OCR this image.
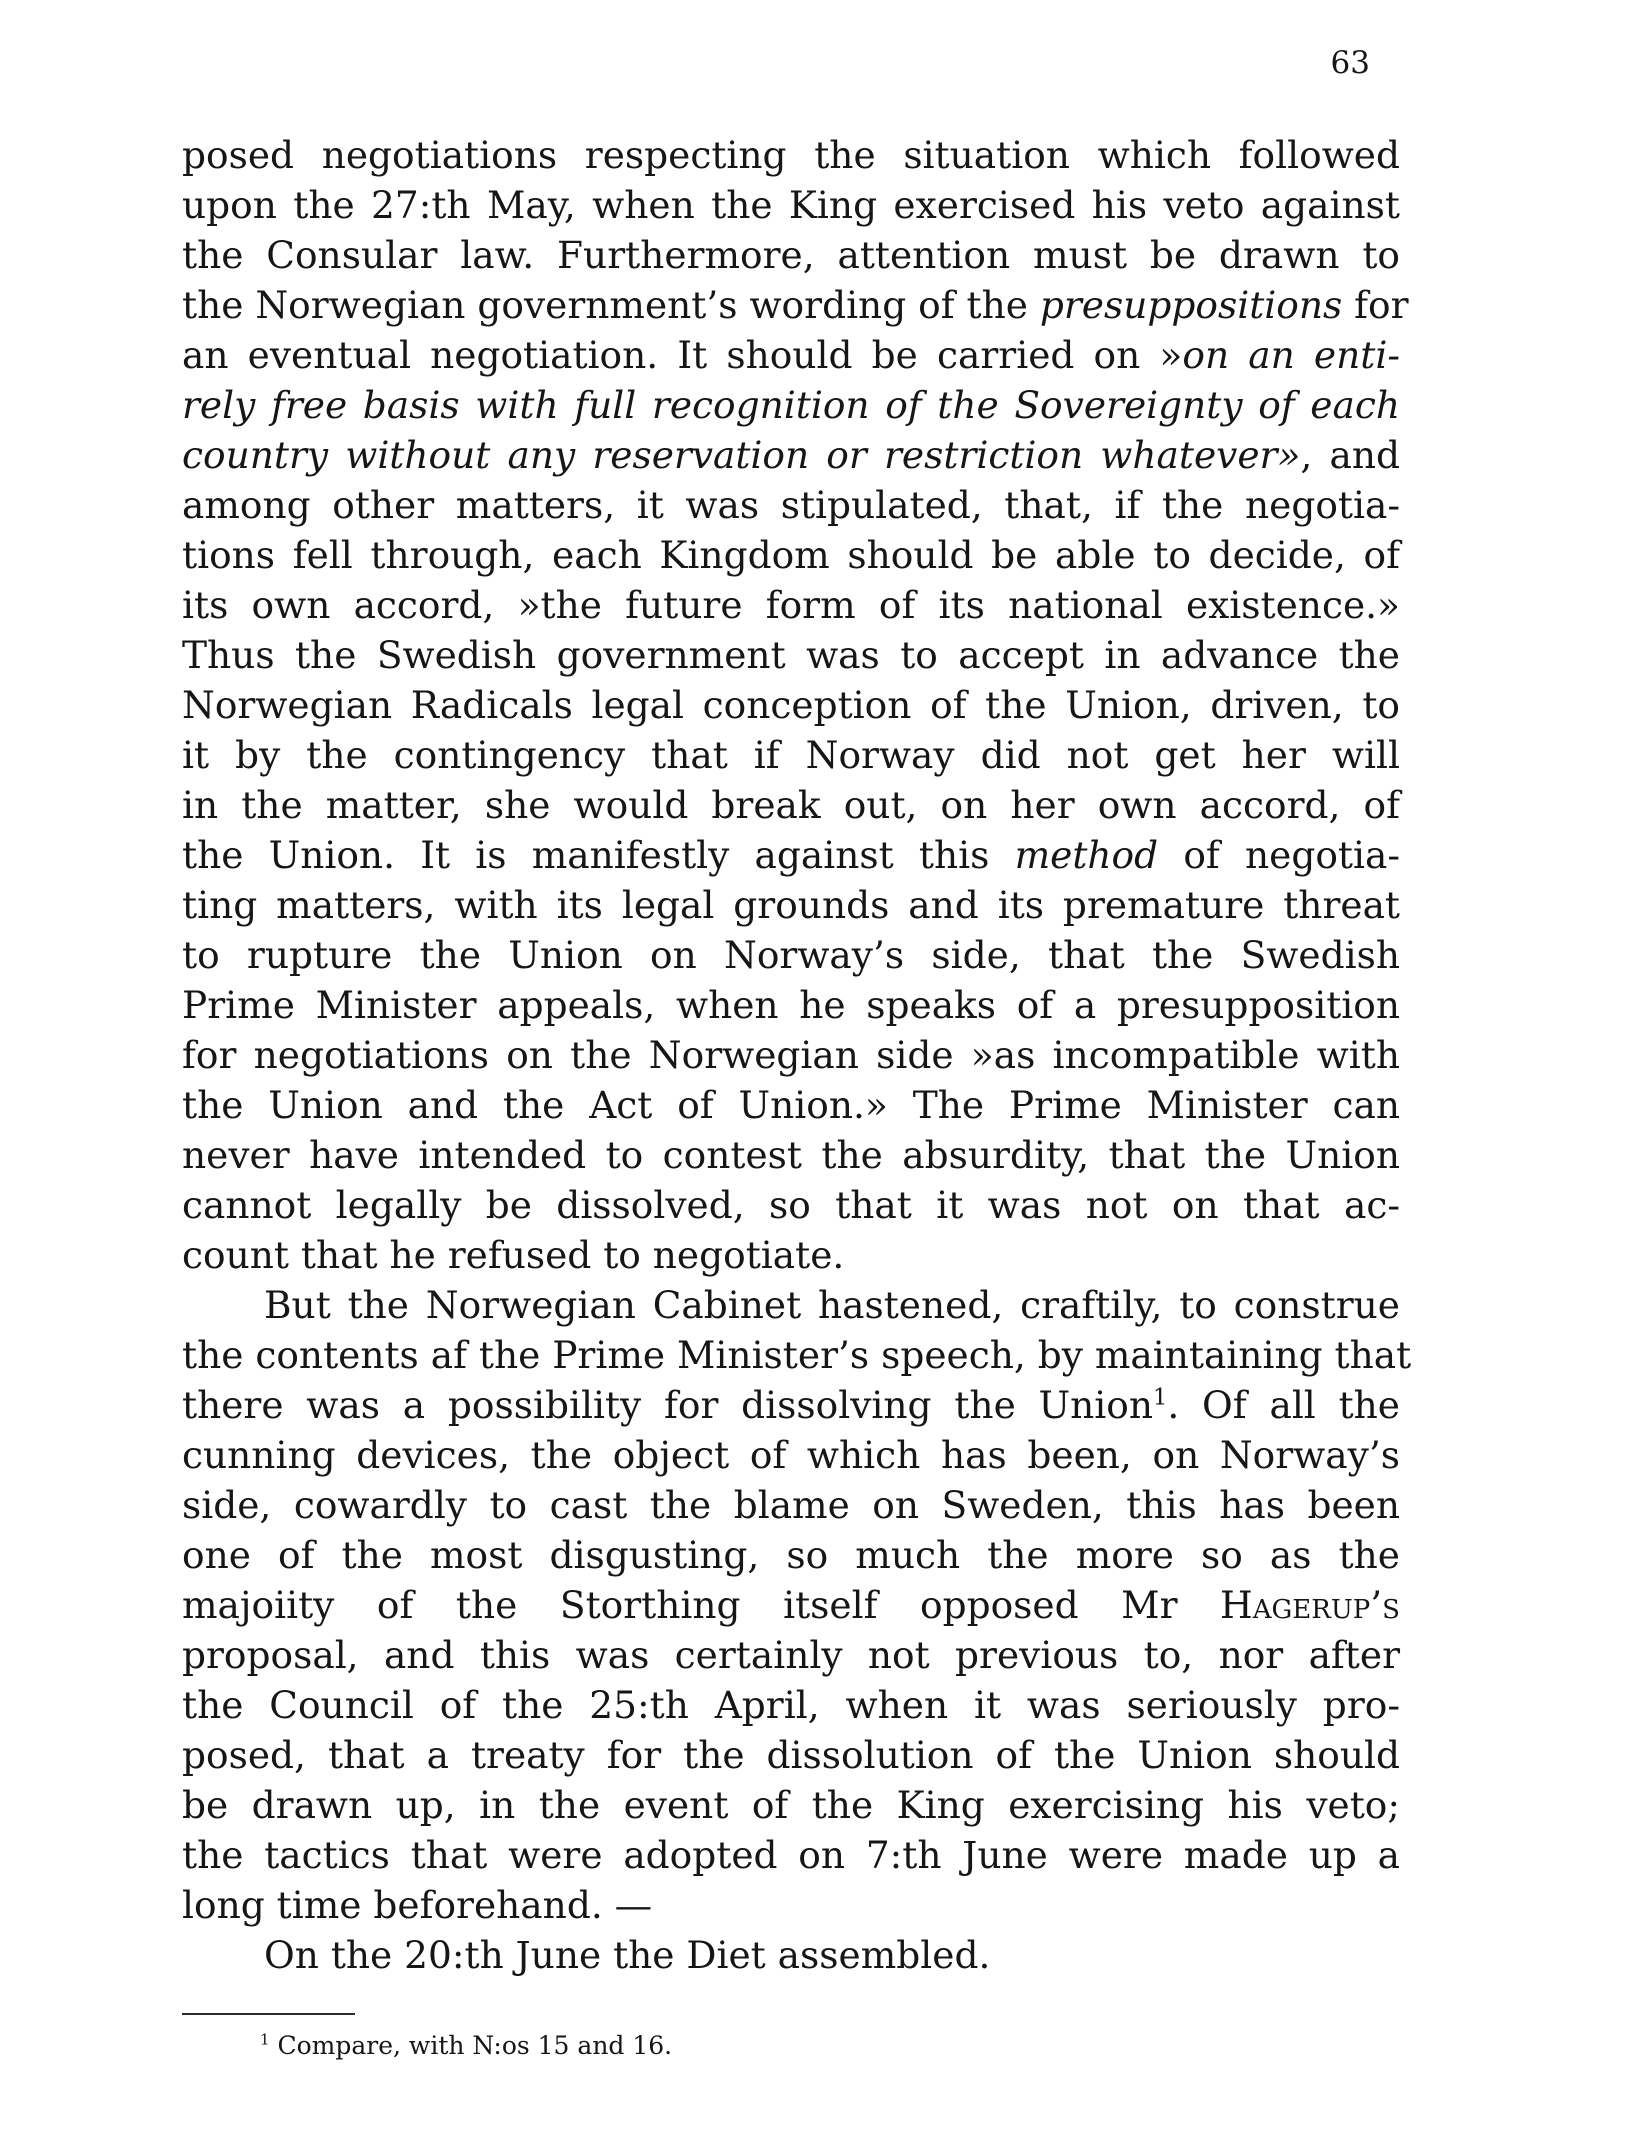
63
posed negotiations respecting the situation which followed
upon the 27:th May, when the King exercised his veto against
the Consular law. Furthermore, attention must be drawn to
the Norwegian government’s wording of the presuppositions for
an eventual negotiation. It should be carried on »on an enti-
rely free basis with full recognition of the Sovereignty of each
country without any reservation or restriction whatever», and
among other matters, it was stipulated, that, if the negotia-
tions fell through, each Kingdom should be able to decide, of
its own accord, »the future form of its national existence.»
Thus the Swedish government was to accept in advance the
Norwegian Radicals legal conception of the Union, driven, to
it by the contingency that if Norway did not get her will
in the matter, she would break out, on her own accord, of
the Union. It is manifestly against this method of negotia-
ting matters, with its legal grounds and its premature threat
to rupture the Union on Norway’s side, that the Swedish
Prime Minister appeals, when he speaks of a presupposition
for negotiations on the Norwegian side »as incompatible with
the Union and the Act of Union.» The Prime Minister can
never have intended to contest the absurdity, that the Union
cannot legally be dissolved, so that it was not on that ac-
count that he refused to negotiate.
But the Norwegian Cabinet hastened, craftily, to construe
the contents af the Prime Minister’s speech, by maintaining that
there was a possibility for dissolving the Union$^1$. Of all the
cunning devices, the object of which has been, on Norway’s
side, cowardly to cast the blame on Sweden, this has been
one of the most disgusting, so much the more so as the
majoiity of the Storthing itself opposed Mr Hagerup’s
proposal, and this was certainly not previous to, nor after
the Council of the 25:th April, when it was seriously pro-
posed, that a treaty for the dissolution of the Union should
be drawn up, in the event of the King exercising his veto;
the tactics that were adopted on 7:th June were made up a
long time beforehand. —
On the 20:th June the Diet assembled.
$^1$ Compare, with N:os 15 and 16.
